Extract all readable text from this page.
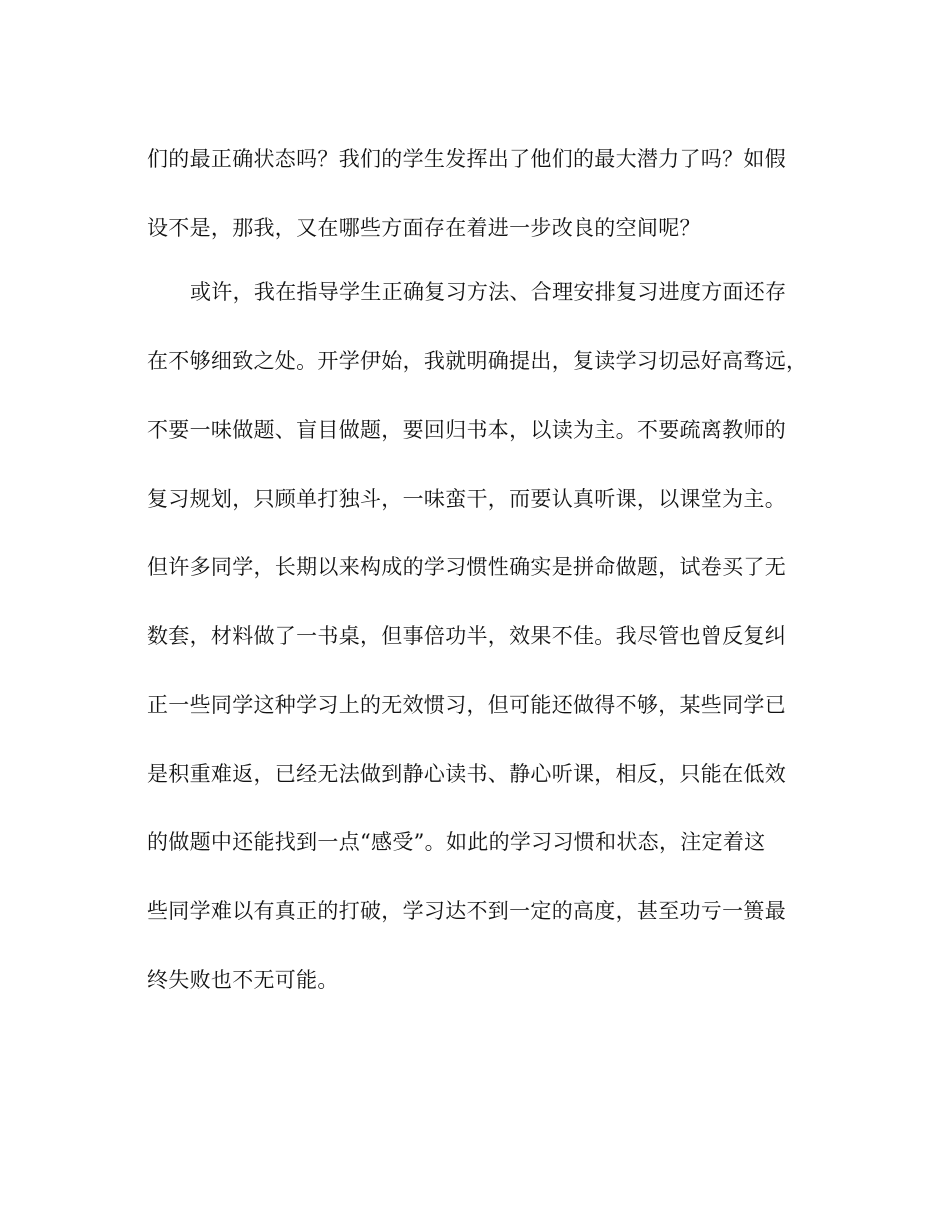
们的最正确状态吗？我们的学生发挥出了他们的最大潜力了吗？如假

设不是，那我，又在哪些方面存在着进一步改良的空间呢？

或许，我在指导学生正确复习方法、合理安排复习进度方面还存

在不够细致之处。开学伊始，我就明确提出，复读学习切忌好高骛远，

不要一味做题、盲目做题，要回归书本，以读为主。不要疏离教师的

复习规划，只顾单打独斗，一味蛮干，而要认真听课，以课堂为主。

但许多同学，长期以来构成的学习惯性确实是拼命做题，试卷买了无

数套，材料做了一书桌，但事倍功半，效果不佳。我尽管也曾反复纠

正一些同学这种学习上的无效惯习，但可能还做得不够，某些同学已

是积重难返，已经无法做到静心读书、静心听课，相反，只能在低效

的做题中还能找到一点“感受”。如此的学习习惯和状态，注定着这

些同学难以有真正的打破，学习达不到一定的高度，甚至功亏一篑最

终失败也不无可能。
